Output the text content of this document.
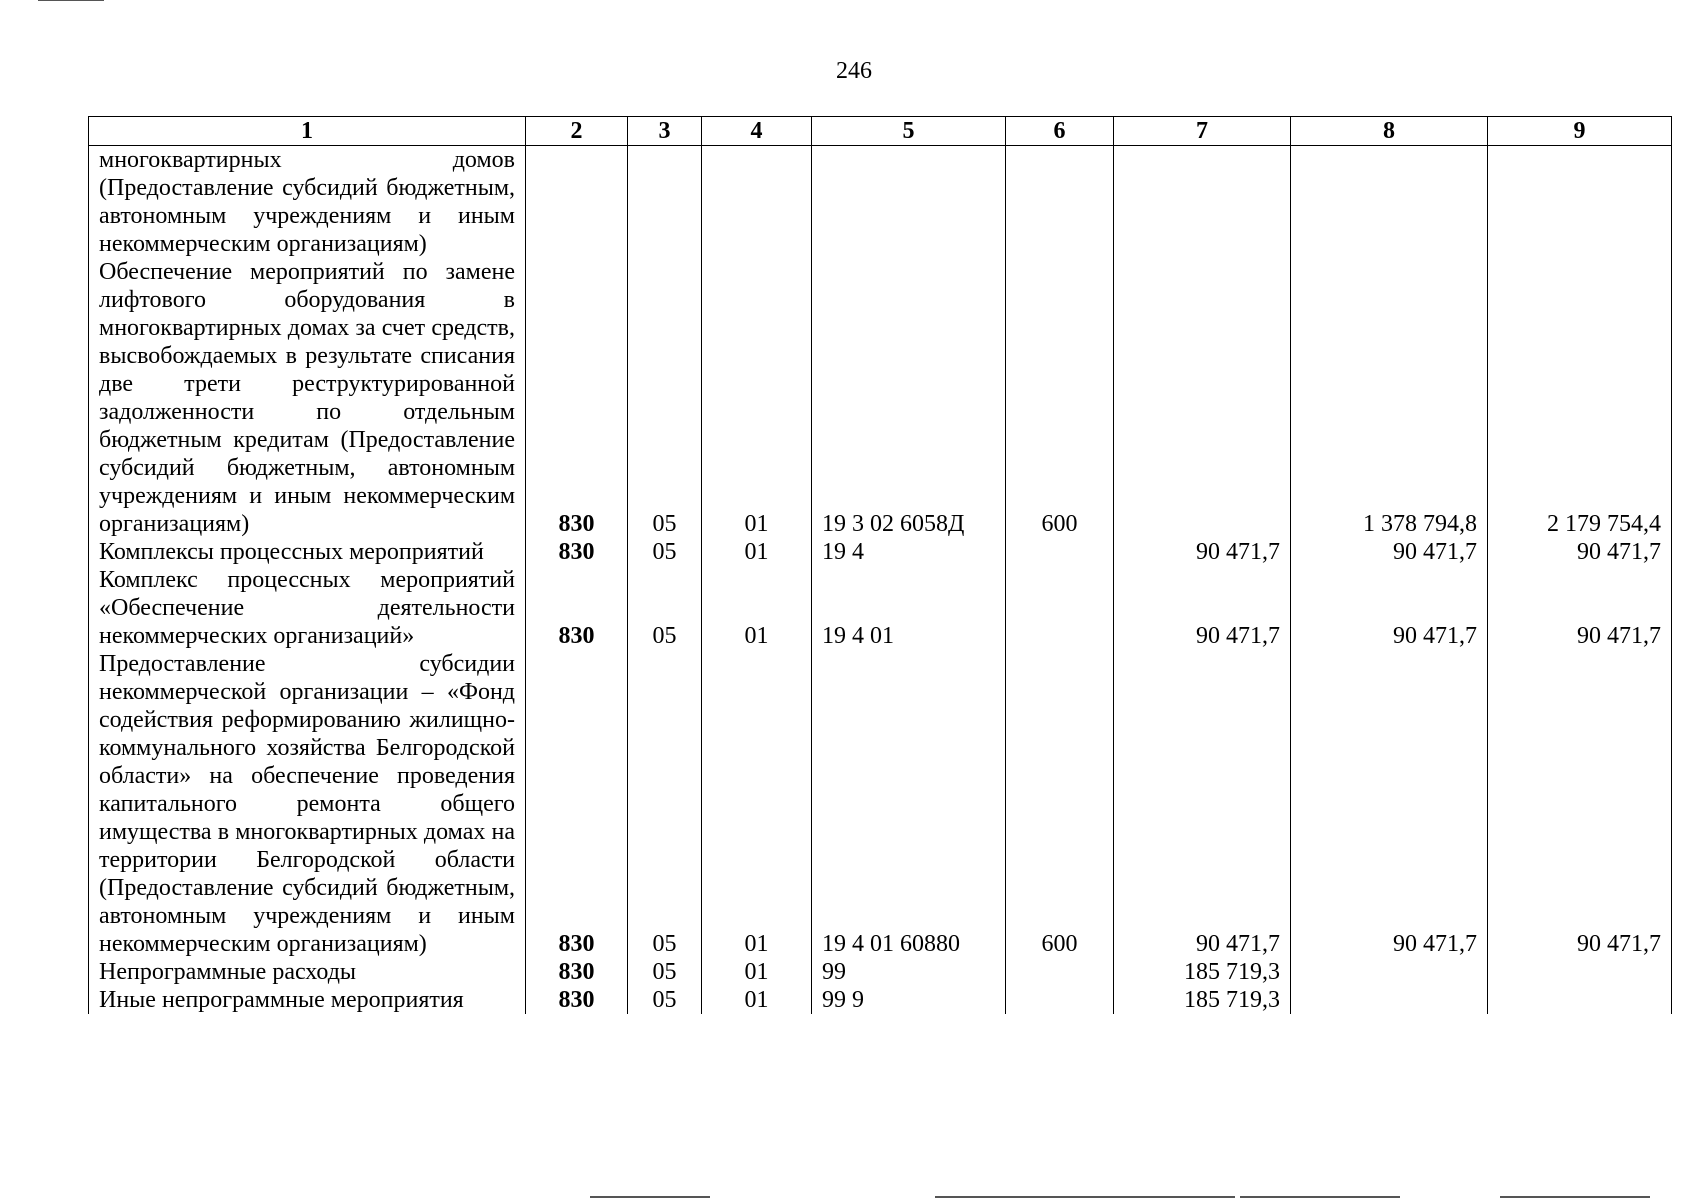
246
1	2	3	4	5	6	7	8	9
многоквартирных домов (Предоставление субсидий бюджетным, автономным учреждениям и иным некоммерческим организациям)								
Обеспечение мероприятий по замене лифтового оборудования в многоквартирных домах за счет средств, высвобождаемых в результате списания две трети реструктурированной задолженности по отдельным бюджетным кредитам (Предоставление субсидий бюджетным, автономным учреждениям и иным некоммерческим организациям)	830	05	01	19 3 02 6058Д	600		1 378 794,8	2 179 754,4
Комплексы процессных мероприятий	830	05	01	19 4		90 471,7	90 471,7	90 471,7
Комплекс процессных мероприятий «Обеспечение деятельности некоммерческих организаций»	830	05	01	19 4 01		90 471,7	90 471,7	90 471,7
Предоставление субсидии некоммерческой организации – «Фонд содействия реформированию жилищно-коммунального хозяйства Белгородской области» на обеспечение проведения капитального ремонта общего имущества в многоквартирных домах на территории Белгородской области (Предоставление субсидий бюджетным, автономным учреждениям и иным некоммерческим организациям)	830	05	01	19 4 01 60880	600	90 471,7	90 471,7	90 471,7
Непрограммные расходы	830	05	01	99		185 719,3		
Иные непрограммные мероприятия	830	05	01	99 9		185 719,3		
